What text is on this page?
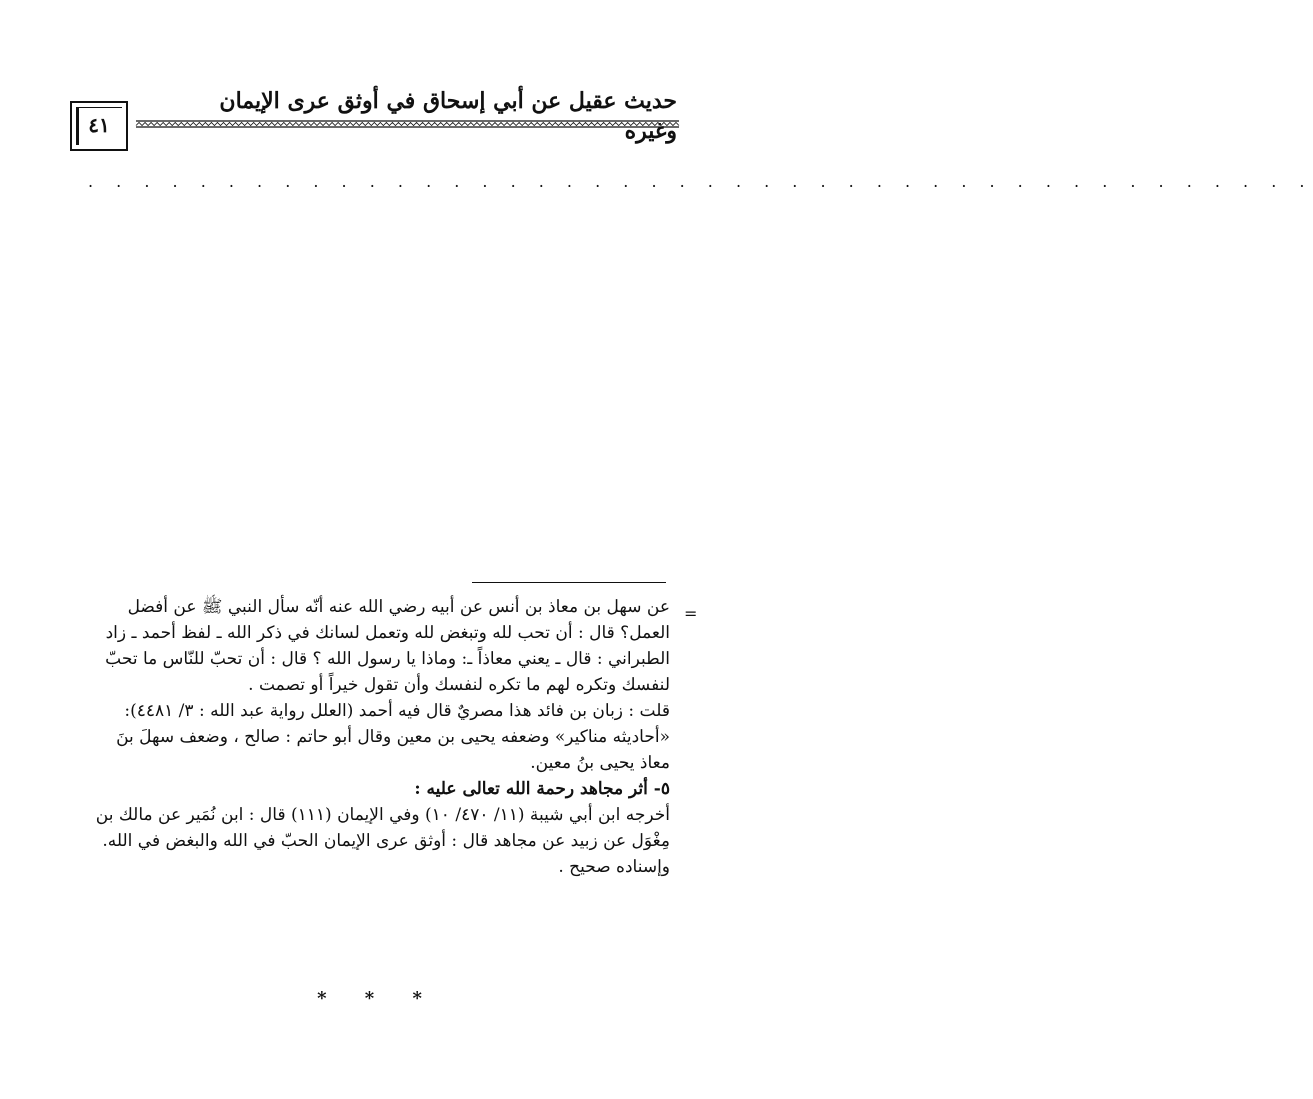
حديث عقيل عن أبي إسحاق في أوثق عرى الإيمان وغيره
٤١
. . . . . . . . . . . . . . . . . . . . . . . . . . . . . . . . . . . . . . . . . . . .
=

عن سهل بن معاذ بن أنس عن أبيه رضي الله عنه أنّه سأل النبي ﷺ عن أفضل

العمل؟ قال : أن تحب لله وتبغض لله وتعمل لسانك في ذكر الله ـ لفظ أحمد ـ زاد

الطبراني : قال ـ يعني معاذاً ـ: وماذا يا رسول الله ؟ قال : أن تحبّ للنّاس ما تحبّ

لنفسك وتكره لهم ما تكره لنفسك وأن تقول خيراً أو تصمت .

قلت : زبان بن فائد هذا مصريٌ قال فيه أحمد (العلل رواية عبد الله : ٣/ ٤٤٨١):

«أحاديثه مناكير» وضعفه يحيى بن معين وقال أبو حاتم : صالح ، وضعف سهلَ بنَ

معاذ يحيى بنُ معين.

٥- أثر مجاهد رحمة الله تعالى عليه :

أخرجه ابن أبي شيبة (١١/ ٤٧٠/ ١٠) وفي الإيمان (١١١) قال : ابن نُمَير عن مالك بن

مِغْوَل عن زبيد عن مجاهد قال : أوثق عرى الإيمان الحبّ في الله والبغض في الله.

وإسناده صحيح .

* * *
